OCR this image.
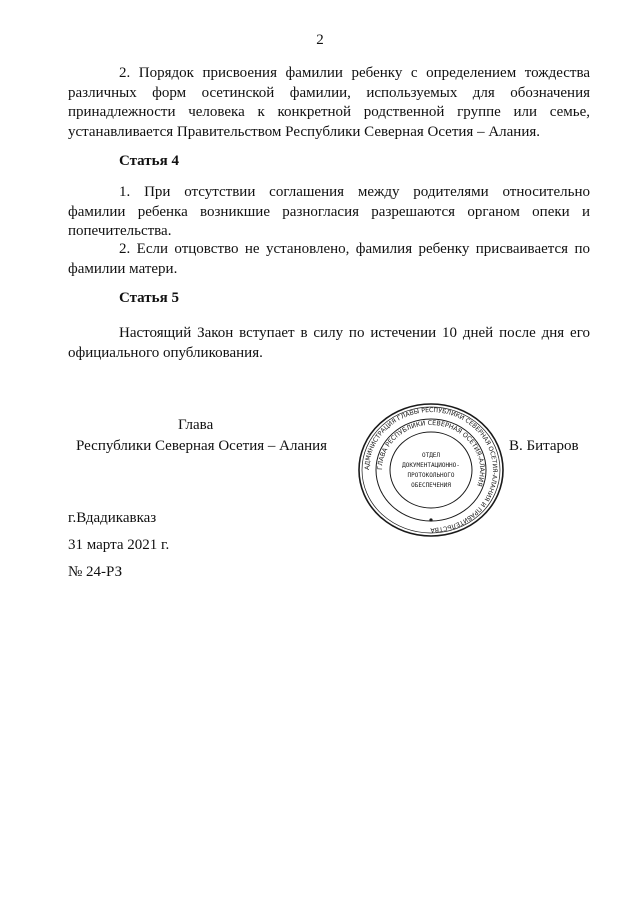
2

2. Порядок присвоения фамилии ребенку с определением тождества различных форм осетинской фамилии, используемых для обозначения принадлежности человека к конкретной родственной группе или семье, устанавливается Правительством Республики Северная Осетия – Алания.

Статья 4

1. При отсутствии соглашения между родителями относительно фамилии ребенка возникшие разногласия разрешаются органом опеки и попечительства.

2. Если отцовство не установлено, фамилия ребенку присваивается по фамилии матери.

Статья 5

Настоящий Закон вступает в силу по истечении 10 дней после дня его официального опубликования.

Глава
Республики Северная Осетия – Алания	В. Битаров
АДМИНИСТРАЦИЯ ГЛАВЫ РЕСПУБЛИКИ СЕВЕРНАЯ ОСЕТИЯ-АЛАНИЯ И ПРАВИТЕЛЬСТВА
ГЛАВА РЕСПУБЛИКИ СЕВЕРНАЯ ОСЕТИЯ-АЛАНИЯ
ОТДЕЛ
ДОКУМЕНТАЦИОННО-
ПРОТОКОЛЬНОГО
ОБЕСПЕЧЕНИЯ
г.Вдадикавказ
31 марта 2021 г.
№ 24-РЗ
